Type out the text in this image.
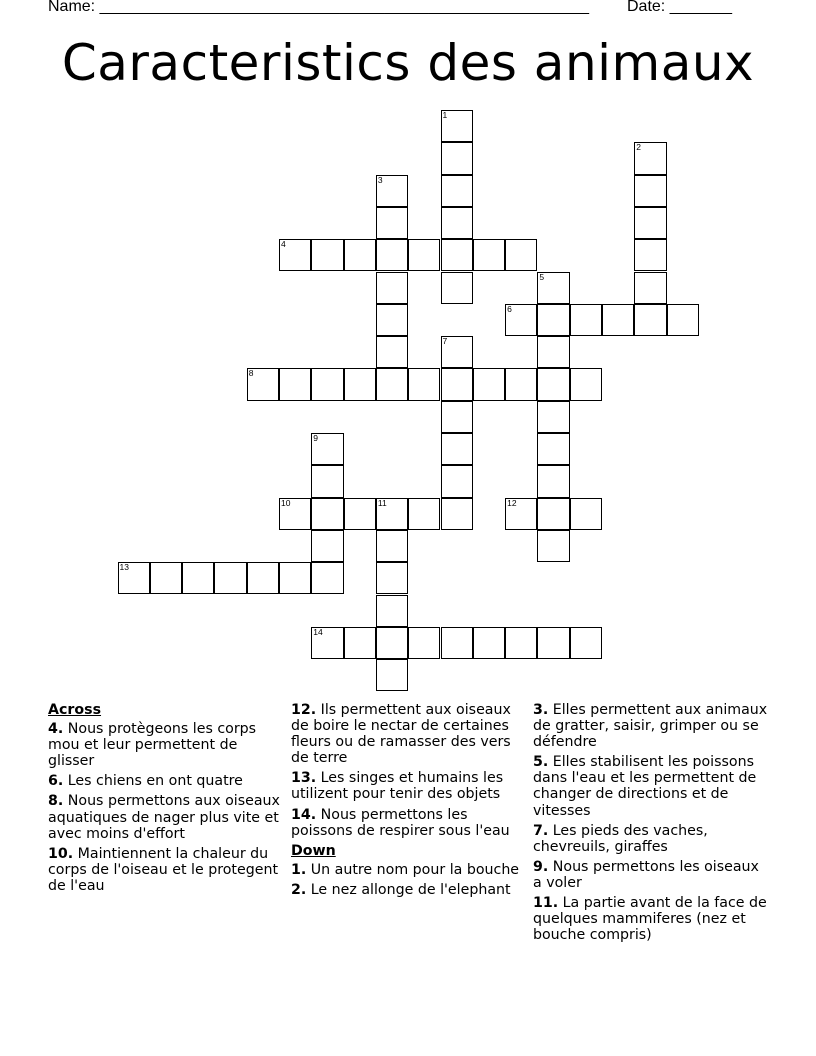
Name: _______________________________________________________ Date: _______
Caracteristics des animaux
4
6
8
10	11	12
13
14
1
2
3
5
7
9
Across
4. Nous protègeons les corps mou et leur permettent de glisser
6. Les chiens en ont quatre
8. Nous permettons aux oiseaux aquatiques de nager plus vite et avec moins d'effort
10. Maintiennent la chaleur du corps de l'oiseau et le protegent de l'eau
12. Ils permettent aux oiseaux de boire le nectar de certaines fleurs ou de ramasser des vers de terre
13. Les singes et humains les utilizent pour tenir des objets
14. Nous permettons les poissons de respirer sous l'eau
Down
1. Un autre nom pour la bouche
2. Le nez allonge de l'elephant
3. Elles permettent aux animaux de gratter, saisir, grimper ou se défendre
5. Elles stabilisent les poissons dans l'eau et les permettent de changer de directions et de vitesses
7. Les pieds des vaches, chevreuils, giraffes
9. Nous permettons les oiseaux a voler
11. La partie avant de la face de quelques mammiferes (nez et bouche compris)
